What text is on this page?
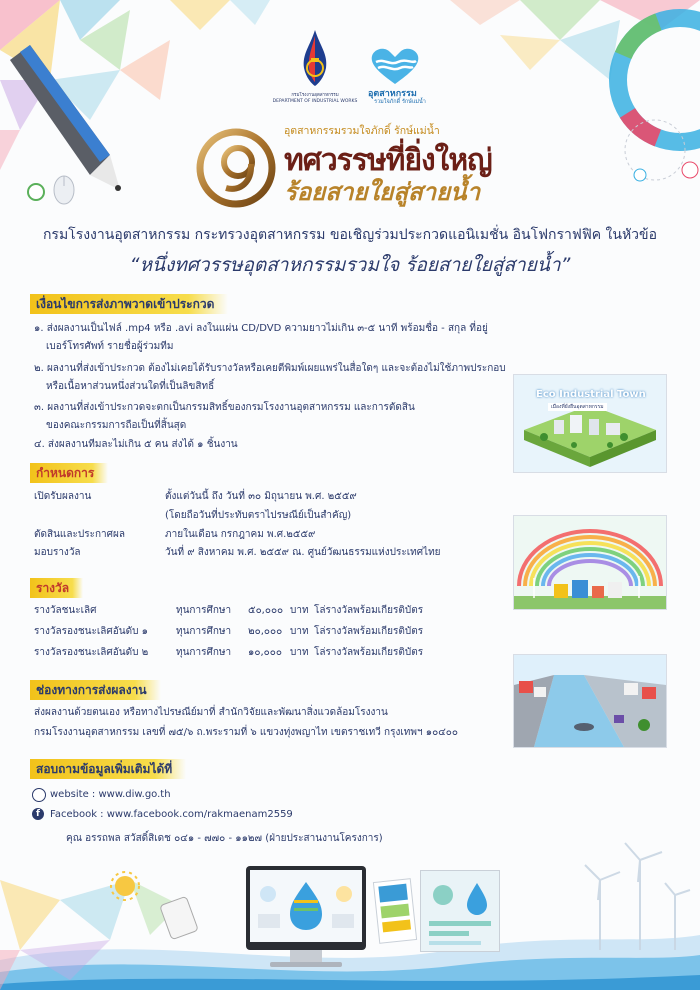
กรมโรงงานอุตสาหกรรม
DEPARTMENT OF INDUSTRIAL WORKS
อุตสาหกรรม
รวมใจภักดิ์ รักษ์แม่น้ำ
อุตสาหกรรมรวมใจภักดิ์ รักษ์แม่น้ำ
ทศวรรษที่ยิ่งใหญ่
ร้อยสายใยสู่สายน้ำ
กรมโรงงานอุตสาหกรรม กระทรวงอุตสาหกรรม ขอเชิญร่วมประกวดแอนิเมชั่น อินโฟกราฟฟิค ในหัวข้อ
“หนึ่งทศวรรษอุตสาหกรรมรวมใจ ร้อยสายใยสู่สายน้ำ”
เงื่อนไขการส่งภาพวาดเข้าประกวด
๑. ส่งผลงานเป็นไฟล์ .mp4 หรือ .avi ลงในแผ่น CD/DVD ความยาวไม่เกิน ๓-๕ นาที พร้อมชื่อ - สกุล ที่อยู่
เบอร์โทรศัพท์ รายชื่อผู้ร่วมทีม
๒. ผลงานที่ส่งเข้าประกวด ต้องไม่เคยได้รับรางวัลหรือเคยตีพิมพ์เผยแพร่ในสื่อใดๆ และจะต้องไม่ใช้ภาพประกอบ
หรือเนื้อหาส่วนหนึ่งส่วนใดที่เป็นลิขสิทธิ์
๓. ผลงานที่ส่งเข้าประกวดจะตกเป็นกรรมสิทธิ์ของกรมโรงงานอุตสาหกรรม และการตัดสิน
ของคณะกรรมการถือเป็นที่สิ้นสุด
๔. ส่งผลงานทีมละไม่เกิน ๕ คน ส่งได้ ๑ ชิ้นงาน
กำหนดการ
เปิดรับผลงาน	ตั้งแต่วันนี้ ถึง วันที่ ๓๐ มิถุนายน พ.ศ. ๒๕๕๙
(โดยถือวันที่ประทับตราไปรษณีย์เป็นสำคัญ)
ตัดสินและประกาศผล	ภายในเดือน กรกฎาคม พ.ศ.๒๕๕๙
มอบรางวัล	วันที่ ๙ สิงหาคม พ.ศ. ๒๕๕๙ ณ. ศูนย์วัฒนธรรมแห่งประเทศไทย
รางวัล
รางวัลชนะเลิศ	ทุนการศึกษา ๕๐,๐๐๐ บาท โล่รางวัลพร้อมเกียรติบัตร
รางวัลรองชนะเลิศอันดับ ๑	ทุนการศึกษา ๒๐,๐๐๐ บาท โล่รางวัลพร้อมเกียรติบัตร
รางวัลรองชนะเลิศอันดับ ๒	ทุนการศึกษา ๑๐,๐๐๐ บาท โล่รางวัลพร้อมเกียรติบัตร
ช่องทางการส่งผลงาน
ส่งผลงานด้วยตนเอง หรือทางไปรษณีย์มาที่ สำนักวิจัยและพัฒนาสิ่งแวดล้อมโรงงาน
กรมโรงงานอุตสาหกรรม เลขที่ ๗๕/๖ ถ.พระรามที่ ๖ แขวงทุ่งพญาไท เขตราชเทวี กรุงเทพฯ ๑๐๔๐๐
สอบถามข้อมูลเพิ่มเติมได้ที่
website : www.diw.go.th
f	Facebook : www.facebook.com/rakmaenam2559
คุณ อรรถพล สวัสดิ์สิเดช ๐๔๑ - ๗๗๐ - ๑๑๒๗ (ฝ่ายประสานงานโครงการ)
Eco Industrial Town
เมืองที่ยั่งยืนอุตสาหกรรม
